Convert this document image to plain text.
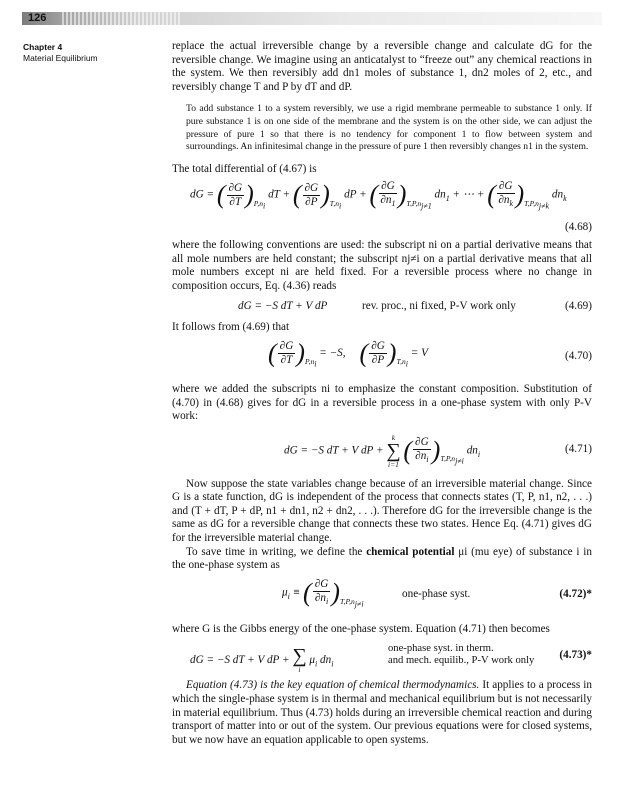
126
Chapter 4
Material Equilibrium

replace the actual irreversible change by a reversible change and calculate dG for the reversible change. We imagine using an anticatalyst to “freeze out” any chemical reactions in the system. We then reversibly add dn1 moles of substance 1, dn2 moles of 2, etc., and reversibly change T and P by dT and dP.

To add substance 1 to a system reversibly, we use a rigid membrane permeable to substance 1 only. If pure substance 1 is on one side of the membrane and the system is on the other side, we can adjust the pressure of pure 1 so that there is no tendency for component 1 to flow between system and surroundings. An infinitesimal change in the pressure of pure 1 then reversibly changes n1 in the system.

The total differential of (4.67) is

dG = ( $\frac{\partial G}{\partial T} )_{P,n_i}$ dT + ( $\frac{\partial G}{\partial P} )_{T,n_i}$ dP + ( $\frac{\partial G}{\partial n_1} )_{T,P,n_{j\ne 1}}$ $dn_1$ + ⋯ + ( $\frac{\partial G}{\partial n_k} )_{T,P,n_{j\ne k}}$ $dn_k$
(4.68)

where the following conventions are used: the subscript ni on a partial derivative means that all mole numbers are held constant; the subscript nj≠i on a partial derivative means that all mole numbers except ni are held fixed. For a reversible process where no change in composition occurs, Eq. (4.36) reads

dG = −S dT + V dP	rev. proc., ni fixed, P-V work only	(4.69)

It follows from (4.69) that

( $\frac{\partial G}{\partial T} )_{P,n_i} = -S$,     ( $\frac{\partial G}{\partial P} )_{T,n_i} = V$	(4.70)

where we added the subscripts ni to emphasize the constant composition. Substitution of (4.70) in (4.68) gives for dG in a reversible process in a one-phase system with only P-V work:

dG = −S dT + V dP +
k
∑
i=1 ( $\frac{\partial G}{\partial n_i} )_{T,P,n_{j\ne i}}$ $dn_i$	(4.71)

Now suppose the state variables change because of an irreversible material change. Since G is a state function, dG is independent of the process that connects states (T, P, n1, n2, . . .) and (T + dT, P + dP, n1 + dn1, n2 + dn2, . . .). Therefore dG for the irreversible change is the same as dG for a reversible change that connects these two states. Hence Eq. (4.71) gives dG for the irreversible material change.

To save time in writing, we define the chemical potential μi (mu eye) of substance i in the one-phase system as

$\mu_i$ ≡ ( $\frac{\partial G}{\partial n_i} )_{T,P,n_{j\ne i}}$
one-phase syst.	(4.72)*

where G is the Gibbs energy of the one-phase system. Equation (4.71) then becomes

dG = −S dT + V dP + ∑
i
$\mu_i$ $dn_i$
one-phase syst. in therm.
and mech. equilib., P-V work only (4.73)*

Equation (4.73) is the key equation of chemical thermodynamics. It applies to a process in which the single-phase system is in thermal and mechanical equilibrium but is not necessarily in material equilibrium. Thus (4.73) holds during an irreversible chemical reaction and during transport of matter into or out of the system. Our previous equations were for closed systems, but we now have an equation applicable to open systems.
